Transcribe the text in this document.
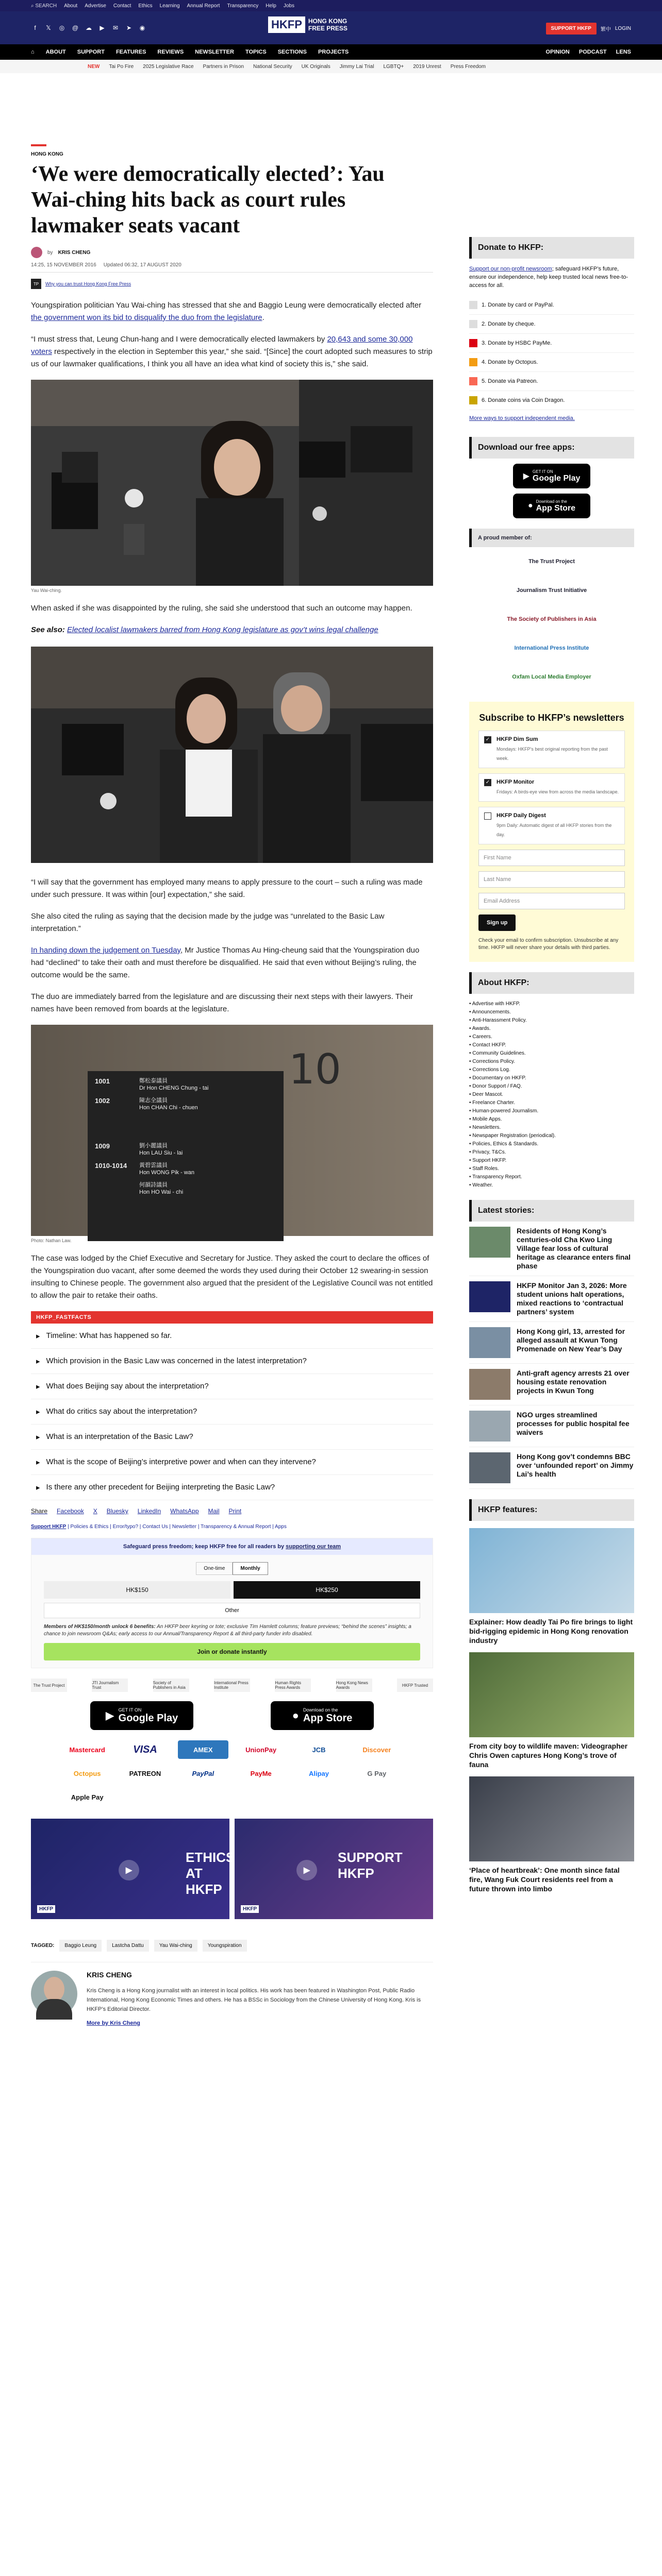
⌕ SEARCH About Advertise Contact Ethics Learning Annual Report Transparency Help Jobs
f	𝕏 ◎ @ ☁ ▶ ✉ ➤ ◉	HKFP	HONG KONG
FREE PRESS	SUPPORT HKFP	繁中 LOGIN
⌂ ABOUT SUPPORT FEATURES REVIEWS NEWSLETTER TOPICS SECTIONS PROJECTS	OPINION PODCAST LENS
NEW Tai Po Fire 2025 Legislative Race Partners in Prison National Security UK Originals Jimmy Lai Trial LGBTQ+ 2019 Unrest Press Freedom
HONG KONG
‘We were democratically elected’: Yau Wai-ching hits back as court rules lawmaker seats vacant
by KRIS CHENG
14:25, 15 NOVEMBER 2016 Updated 06:32, 17 AUGUST 2020
TP	Why you can trust Hong Kong Free Press

Youngspiration politician Yau Wai-ching has stressed that she and Baggio Leung were democratically elected after the government won its bid to disqualify the duo from the legislature.

“I must stress that, Leung Chun-hang and I were democratically elected lawmakers by 20,643 and some 30,000 voters respectively in the election in September this year,” she said. “[Since] the court adopted such measures to strip us of our lawmaker qualifications, I think you all have an idea what kind of society this is,” she said.

Yau Wai-ching.

When asked if she was disappointed by the ruling, she said she understood that such an outcome may happen.

See also: Elected localist lawmakers barred from Hong Kong legislature as gov’t wins legal challenge

“I will say that the government has employed many means to apply pressure to the court – such a ruling was made under such pressure. It was within [our] expectation,” she said.

She also cited the ruling as saying that the decision made by the judge was “unrelated to the Basic Law interpretation.”

In handing down the judgement on Tuesday, Mr Justice Thomas Au Hing-cheung said that the Youngspiration duo had “declined” to take their oath and must therefore be disqualified. He said that even without Beijing’s ruling, the outcome would be the same.

The duo are immediately barred from the legislature and are discussing their next steps with their lawyers. Their names have been removed from boards at the legislature.

10
1001	鄭松泰議員
Dr Hon CHENG Chung - tai
1002	陳志全議員
Hon CHAN Chi - chuen
1009	劉小麗議員
Hon LAU Siu - lai
1010-1014	黃碧雲議員
Hon WONG Pik - wan
何韻詩議員
Hon HO Wai - chi
Photo: Nathan Law.

The case was lodged by the Chief Executive and Secretary for Justice. They asked the court to declare the offices of the Youngspiration duo vacant, after some deemed the words they used during their October 12 swearing-in session insulting to Chinese people. The government also argued that the president of the Legislative Council was not entitled to allow the pair to retake their oaths.

HKFP_FASTFACTS
▸ Timeline: What has happened so far.
▸ Which provision in the Basic Law was concerned in the latest interpretation?
▸ What does Beijing say about the interpretation?
▸ What do critics say about the interpretation?
▸ What is an interpretation of the Basic Law?
▸ What is the scope of Beijing’s interpretive power and when can they intervene?
▸ Is there any other precedent for Beijing interpreting the Basic Law?
Share Facebook X Bluesky LinkedIn WhatsApp Mail Print
Support HKFP | Policies & Ethics | Error/typo? | Contact Us | Newsletter | Transparency & Annual Report | Apps
Safeguard press freedom; keep HKFP free for all readers by supporting our team
One-time	Monthly
HK$150	HK$250
Other
Members of HK$150/month unlock 6 benefits: An HKFP beer keyring or tote; exclusive Tim Hamlett columns; feature previews; “behind the scenes” insights; a chance to join newsroom Q&As; early access to our Annual/Transparency Report & all third-party funder info disabled.
Join or donate instantly
The Trust Project	JTI Journalism Trust
Society of Publishers in Asia
International Press Institute
Human Rights Press Awards
Hong Kong News Awards	HKFP Trusted
▶ GET IT ON
Google Play	● Download on the
App Store
Mastercard	VISA	AMEX	UnionPay	JCB	Discover
Octopus	PATREON	PayPal	PayMe	Alipay	G Pay
Apple Pay
ETHICS AT HKFP
▶
HKFP
SUPPORT HKFP
▶
HKFP
TAGGED:	Baggio Leung	Lastcha Dattu	Yau Wai-ching	Youngspiration
KRIS CHENG
Kris Cheng is a Hong Kong journalist with an interest in local politics. His work has been featured in Washington Post, Public Radio International, Hong Kong Economic Times and others. He has a BSSc in Sociology from the Chinese University of Hong Kong. Kris is HKFP’s Editorial Director.
More by Kris Cheng
Donate to HKFP:
Support our non-profit newsroom; safeguard HKFP’s future, ensure our independence, help keep trusted local news free-to-access for all.
1. Donate by card or PayPal.
2. Donate by cheque.
3. Donate by HSBC PayMe.
4. Donate by Octopus.
5. Donate via Patreon.
6. Donate coins via Coin Dragon.
More ways to support independent media.
Download our free apps:
▶
GET IT ON
Google Play
● Download on the
App Store
A proud member of:
The Trust Project
Journalism Trust Initiative
The Society of Publishers in Asia
International Press Institute
Oxfam Local Media Employer
Subscribe to HKFP’s newsletters
✓ HKFP Dim Sum
Mondays: HKFP’s best original reporting from the past week.
✓ HKFP Monitor
Fridays: A birds-eye view from across the media landscape.
HKFP Daily Digest
9pm Daily: Automatic digest of all HKFP stories from the day.
First Name
Last Name
Email Address
Sign up
Check your email to confirm subscription. Unsubscribe at any time. HKFP will never share your details with third parties.
About HKFP:
• Advertise with HKFP.
• Announcements.
• Anti-Harassment Policy.
• Awards.
• Careers.
• Contact HKFP.
• Community Guidelines.
• Corrections Policy.
• Corrections Log.
• Documentary on HKFP.
• Donor Support / FAQ.
• Deer Mascot.
• Freelance Charter.
• Human-powered Journalism.
• Mobile Apps.
• Newsletters.
• Newspaper Registration (periodical).
• Policies, Ethics & Standards.
• Privacy, T&Cs.
• Support HKFP.
• Staff Roles.
• Transparency Report.
• Weather.
Latest stories:
Residents of Hong Kong’s centuries-old Cha Kwo Ling Village fear loss of cultural heritage as clearance enters final phase
HKFP Monitor Jan 3, 2026: More student unions halt operations, mixed reactions to ‘contractual partners’ system
Hong Kong girl, 13, arrested for alleged assault at Kwun Tong Promenade on New Year’s Day
Anti-graft agency arrests 21 over housing estate renovation projects in Kwun Tong
NGO urges streamlined processes for public hospital fee waivers
Hong Kong gov’t condemns BBC over ‘unfounded report’ on Jimmy Lai’s health
HKFP features:
Explainer: How deadly Tai Po fire brings to light bid-rigging epidemic in Hong Kong renovation industry
From city boy to wildlife maven: Videographer Chris Owen captures Hong Kong’s trove of fauna
‘Place of heartbreak’: One month since fatal fire, Wang Fuk Court residents reel from a future thrown into limbo
